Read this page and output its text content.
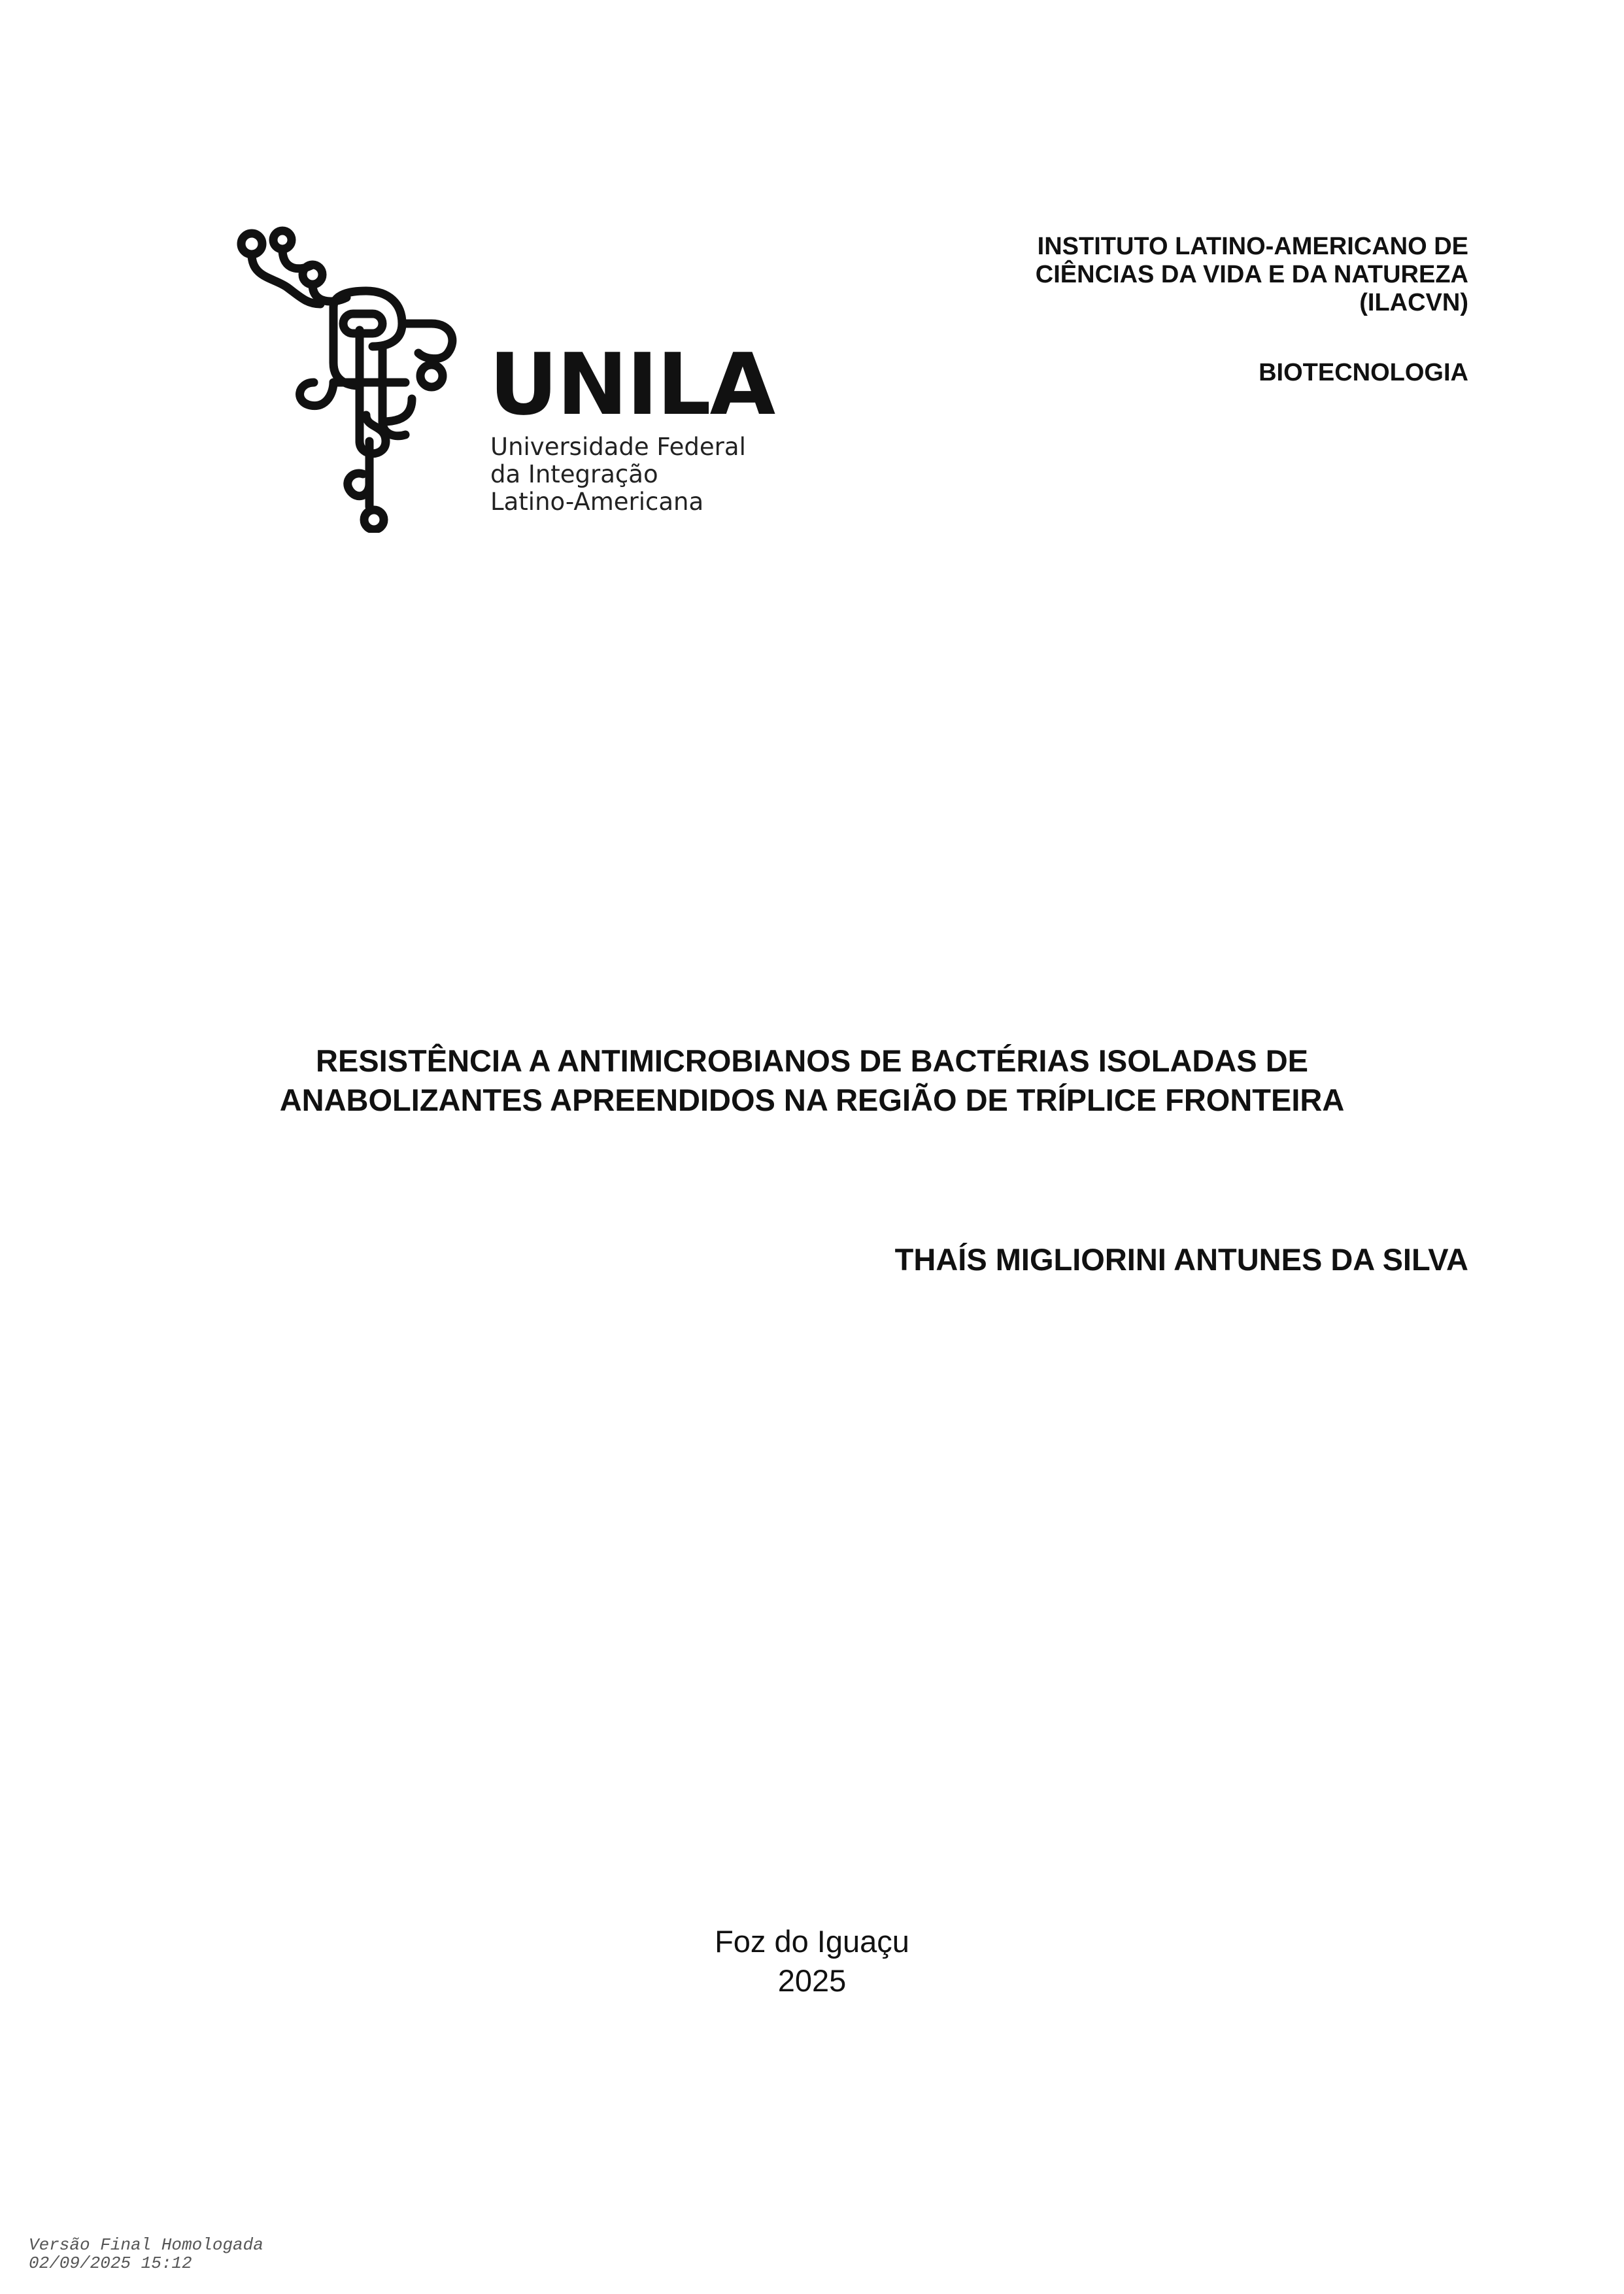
UNILA
Universidade Federal
da Integração
Latino-Americana
INSTITUTO LATINO-AMERICANO DE
CIÊNCIAS DA VIDA E DA NATUREZA
(ILACVN)
BIOTECNOLOGIA
RESISTÊNCIA A ANTIMICROBIANOS DE BACTÉRIAS ISOLADAS DE
ANABOLIZANTES APREENDIDOS NA REGIÃO DE TRÍPLICE FRONTEIRA
THAÍS MIGLIORINI ANTUNES DA SILVA
Foz do Iguaçu
2025
Versão Final Homologada
02/09/2025 15:12
